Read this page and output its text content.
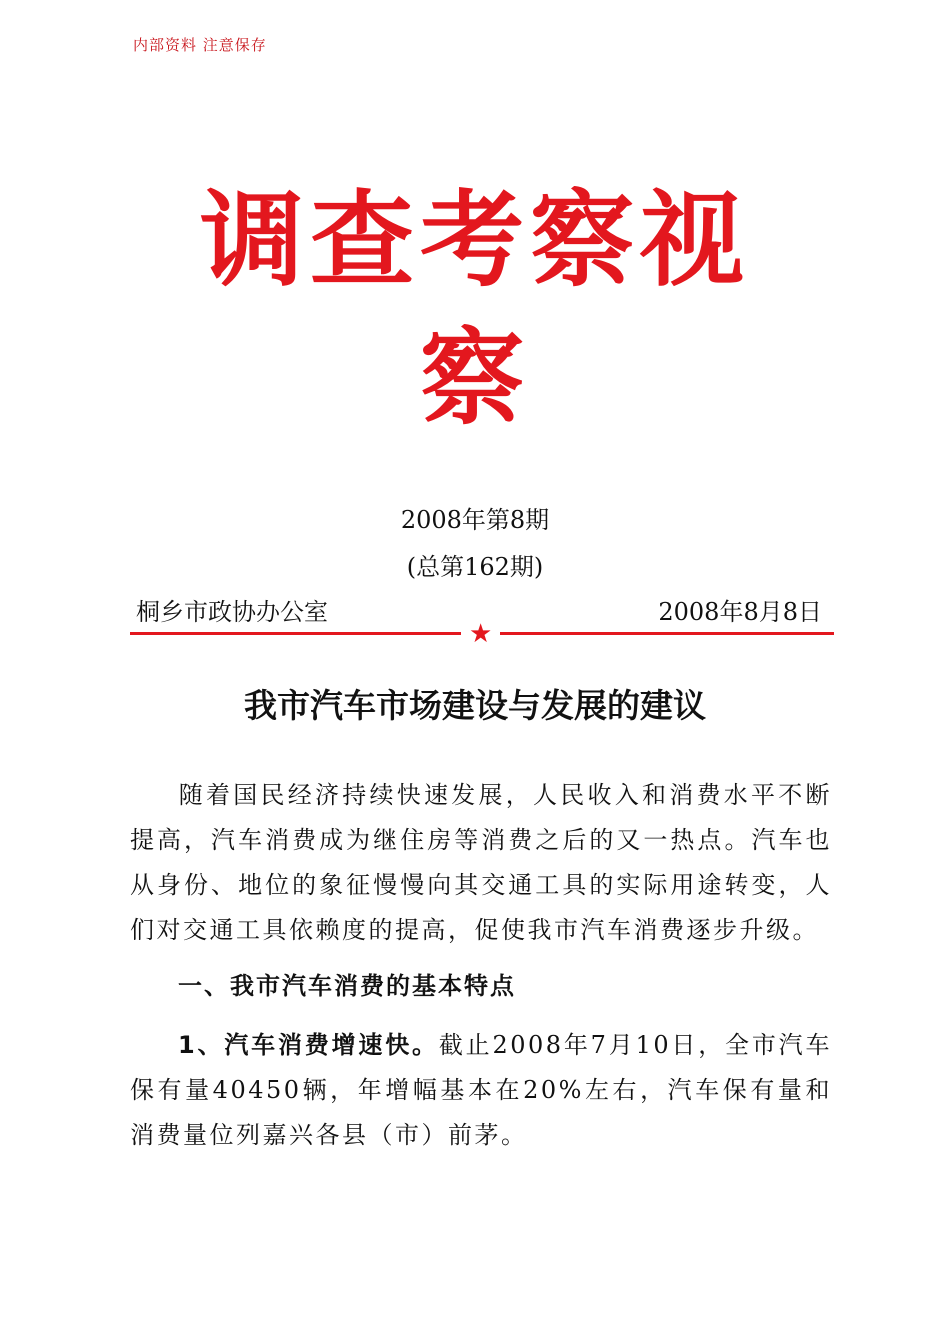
内部资料 注意保存
调查考察视
察
2008年第8期
(总第162期)
桐乡市政协办公室	2008年8月8日
★
我市汽车市场建设与发展的建议

随着国民经济持续快速发展，人民收入和消费水平不断提高，汽车消费成为继住房等消费之后的又一热点。汽车也从身份、地位的象征慢慢向其交通工具的实际用途转变，人们对交通工具依赖度的提高，促使我市汽车消费逐步升级。

一、我市汽车消费的基本特点

1、汽车消费增速快。截止2008年7月10日，全市汽车保有量40450辆，年增幅基本在20%左右，汽车保有量和消费量位列嘉兴各县（市）前茅。
